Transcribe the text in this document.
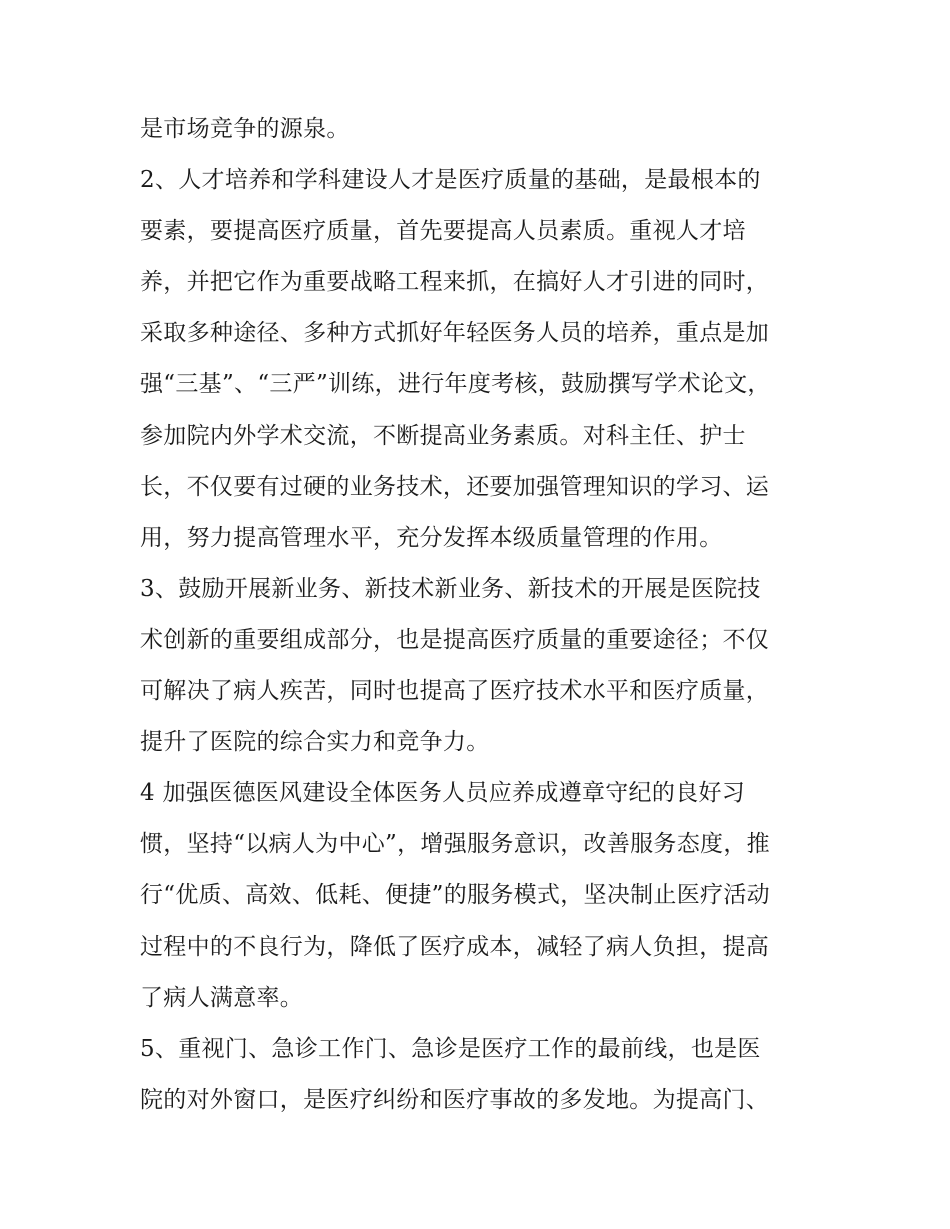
是市场竞争的源泉。
2、人才培养和学科建设人才是医疗质量的基础，是最根本的
要素，要提高医疗质量，首先要提高人员素质。重视人才培
养，并把它作为重要战略工程来抓，在搞好人才引进的同时，
采取多种途径、多种方式抓好年轻医务人员的培养，重点是加
强“三基”、“三严”训练，进行年度考核，鼓励撰写学术论文，
参加院内外学术交流，不断提高业务素质。对科主任、护士
长，不仅要有过硬的业务技术，还要加强管理知识的学习、运
用，努力提高管理水平，充分发挥本级质量管理的作用。
3、鼓励开展新业务、新技术新业务、新技术的开展是医院技
术创新的重要组成部分，也是提高医疗质量的重要途径；不仅
可解决了病人疾苦，同时也提高了医疗技术水平和医疗质量，
提升了医院的综合实力和竞争力。
4 加强医德医风建设全体医务人员应养成遵章守纪的良好习
惯，坚持“以病人为中心”，增强服务意识，改善服务态度，推
行“优质、高效、低耗、便捷”的服务模式，坚决制止医疗活动
过程中的不良行为，降低了医疗成本，减轻了病人负担，提高
了病人满意率。
5、重视门、急诊工作门、急诊是医疗工作的最前线，也是医
院的对外窗口，是医疗纠纷和医疗事故的多发地。为提高门、
